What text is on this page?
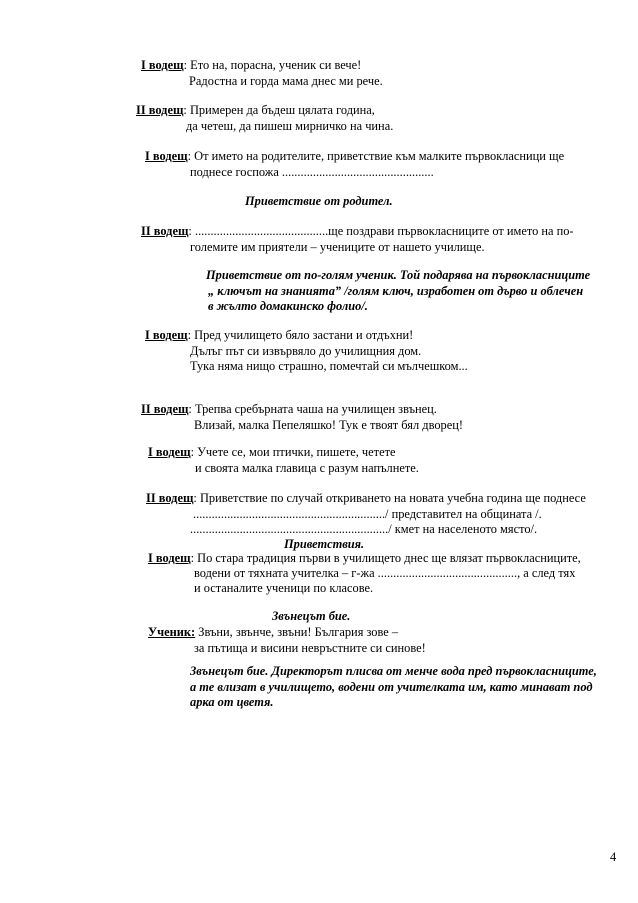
I водещ: Ето на, порасна, ученик си вече!
Радостна и горда мама днес ми рече.
II водещ: Примерен да бъдеш цялата година,
да четеш, да пишеш мирничко на чина.
I водещ: От името на родителите, приветствие към малките първокласници ще
поднесе госпожа .................................................
Приветствие от родител.
II водещ: ...........................................ще поздрави първокласниците от името на по-
големите им приятели – учениците от нашето училище.
Приветствие от по-голям ученик. Той подарява на първокласниците
„ ключът на знанията” /голям ключ, изработен от дърво и облечен
в жълто домакинско фолио/.
I водещ: Пред училището бяло застани и отдъхни!
Дълъг път си извървяло до училищния дом.
Тука няма нищо страшно, помечтай си мълчешком...
II водещ: Трепва сребърната чаша на училищен звънец.
Влизай, малка Пепеляшко! Тук е твоят бял дворец!
I водещ: Учете се, мои птички, пишете, четете
и своята малка главица с разум напълнете.
II водещ: Приветствие по случай откриването на новата учебна година ще поднесе
............................................................../ представител на общината /.
................................................................/ кмет на населеното място/.
Приветствия.
I водещ: По стара традиция първи в училището днес ще влязат първокласниците,
водени от тяхната учителка – г-жа ............................................., а след тях
и останалите ученици по класове.
Звънецът бие.
Ученик: Звъни, звънче, звъни! България зове –
за пътища и висини невръстните си синове!
Звънецът бие. Директорът плисва от менче вода пред първокласниците,
а те влизат в училището, водени от учителката им, като минават под
арка от цветя.
4
